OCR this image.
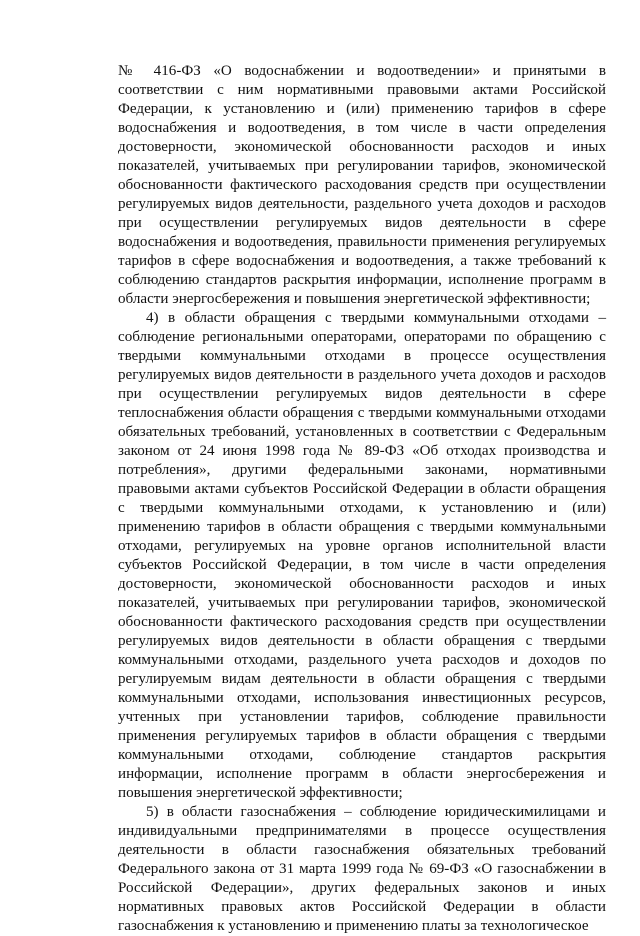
№ 416-ФЗ «О водоснабжении и водоотведении» и принятыми в соответствии с ним нормативными правовыми актами Российской Федерации, к установлению и (или) применению тарифов в сфере водоснабжения и водоотведения, в том числе в части определения достоверности, экономической обоснованности расходов и иных показателей, учитываемых при регулировании тарифов, экономической обоснованности фактического расходования средств при осуществлении регулируемых видов деятельности, раздельного учета доходов и расходов при осуществлении регулируемых видов деятельности в сфере водоснабжения и водоотведения, правильности применения регулируемых тарифов в сфере водоснабжения и водоотведения, а также требований к соблюдению стандартов раскрытия информации, исполнение программ в области энергосбережения и повышения энергетической эффективности;

4) в области обращения с твердыми коммунальными отходами – соблюдение региональными операторами, операторами по обращению с твердыми коммунальными отходами в процессе осуществления регулируемых видов деятельности в раздельного учета доходов и расходов при осуществлении регулируемых видов деятельности в сфере теплоснабжения области обращения с твердыми коммунальными отходами обязательных требований, установленных в соответствии с Федеральным законом от 24 июня 1998 года № 89-ФЗ «Об отходах производства и потребления», другими федеральными законами, нормативными правовыми актами субъектов Российской Федерации в области обращения с твердыми коммунальными отходами, к установлению и (или) применению тарифов в области обращения с твердыми коммунальными отходами, регулируемых на уровне органов исполнительной власти субъектов Российской Федерации, в том числе в части определения достоверности, экономической обоснованности расходов и иных показателей, учитываемых при регулировании тарифов, экономической обоснованности фактического расходования средств при осуществлении регулируемых видов деятельности в области обращения с твердыми коммунальными отходами, раздельного учета расходов и доходов по регулируемым видам деятельности в области обращения с твердыми коммунальными отходами, использования инвестиционных ресурсов, учтенных при установлении тарифов, соблюдение правильности применения регулируемых тарифов в области обращения с твердыми коммунальными отходами, соблюдение стандартов раскрытия информации, исполнение программ в области энергосбережения и повышения энергетической эффективности;

5) в области газоснабжения – соблюдение юридическимилицами и индивидуальными предпринимателями в процессе осуществления деятельности в области газоснабжения обязательных требований Федерального закона от 31 марта 1999 года № 69-ФЗ «О газоснабжении в Российской Федерации», других федеральных законов и иных нормативных правовых актов Российской Федерации в области газоснабжения к установлению и применению платы за технологическое
